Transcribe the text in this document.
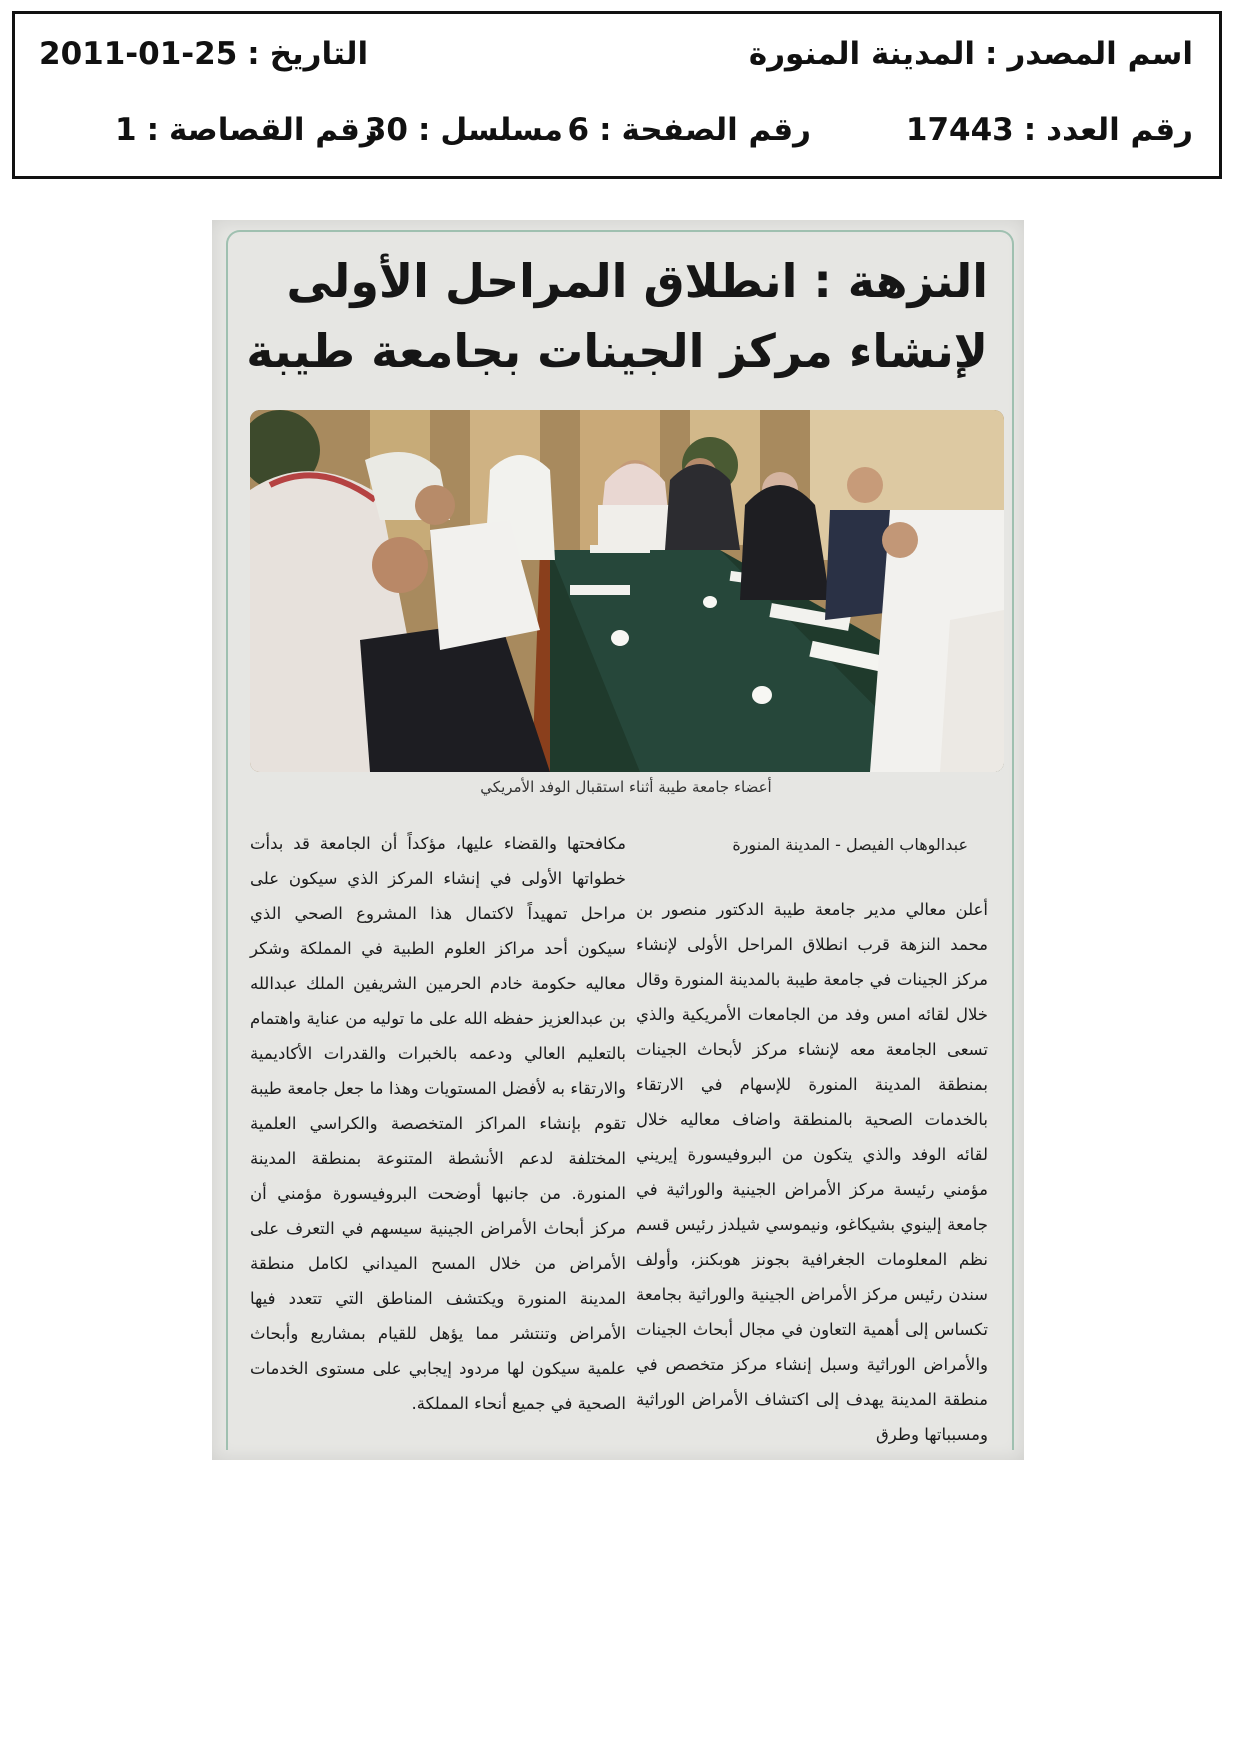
اسم المصدر:المدينة المنورة
التاريخ:2011-01-25
رقم العدد:17443
رقم الصفحة:6
مسلسل:30
رقم القصاصة:1
النزهة : انطلاق المراحل الأولى
لإنشاء مركز الجينات بجامعة طيبة
أعضاء جامعة طيبة أثناء استقبال الوفد الأمريكي
عبدالوهاب الفيصل - المدينة المنورة

أعلن معالي مدير جامعة طيبة الدكتور منصور بن محمد النزهة قرب انطلاق المراحل الأولى لإنشاء مركز الجينات في جامعة طيبة بالمدينة المنورة وقال خلال لقائه امس وفد من الجامعات الأمريكية والذي تسعى الجامعة معه لإنشاء مركز لأبحاث الجينات بمنطقة المدينة المنورة للإسهام في الارتقاء بالخدمات الصحية بالمنطقة واضاف معاليه خلال لقائه الوفد والذي يتكون من البروفيسورة إيريني مؤمني رئيسة مركز الأمراض الجينية والوراثية في جامعة إلينوي بشيكاغو، ونيموسي شيلدز رئيس قسم نظم المعلومات الجغرافية بجونز هوبكنز، وأولف سندن رئيس مركز الأمراض الجينية والوراثية بجامعة تكساس إلى أهمية التعاون في مجال أبحاث الجينات والأمراض الوراثية وسبل إنشاء مركز متخصص في منطقة المدينة يهدف إلى اكتشاف الأمراض الوراثية ومسبباتها وطرق

مكافحتها والقضاء عليها، مؤكداً أن الجامعة قد بدأت خطواتها الأولى في إنشاء المركز الذي سيكون على مراحل تمهيداً لاكتمال هذا المشروع الصحي الذي سيكون أحد مراكز العلوم الطبية في المملكة وشكر معاليه حكومة خادم الحرمين الشريفين الملك عبدالله بن عبدالعزيز حفظه الله على ما توليه من عناية واهتمام بالتعليم العالي ودعمه بالخبرات والقدرات الأكاديمية والارتقاء به لأفضل المستويات وهذا ما جعل جامعة طيبة تقوم بإنشاء المراكز المتخصصة والكراسي العلمية المختلفة لدعم الأنشطة المتنوعة بمنطقة المدينة المنورة. من جانبها أوضحت البروفيسورة مؤمني أن مركز أبحاث الأمراض الجينية سيسهم في التعرف على الأمراض من خلال المسح الميداني لكامل منطقة المدينة المنورة ويكتشف المناطق التي تتعدد فيها الأمراض وتنتشر مما يؤهل للقيام بمشاريع وأبحاث علمية سيكون لها مردود إيجابي على مستوى الخدمات الصحية في جميع أنحاء المملكة.
